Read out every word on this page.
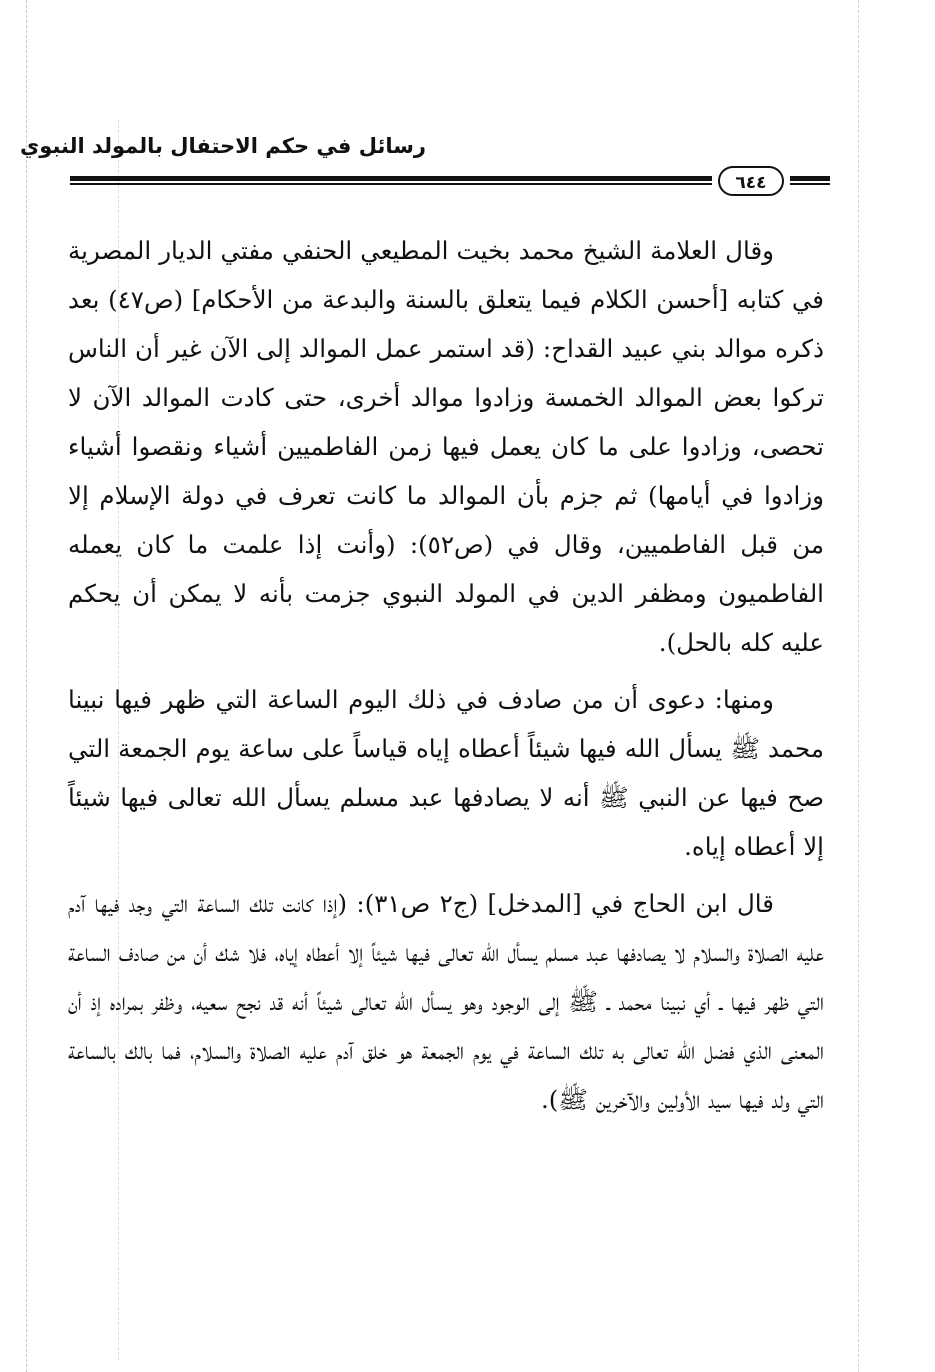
رسائل في حكم الاحتفال بالمولد النبوي
٦٤٤

وقال العلامة الشيخ محمد بخيت المطيعي الحنفي مفتي الديار المصرية في كتابه [أحسن الكلام فيما يتعلق بالسنة والبدعة من الأحكام] (ص٤٧) بعد ذكره موالد بني عبيد القداح: (قد استمر عمل الموالد إلى الآن غير أن الناس تركوا بعض الموالد الخمسة وزادوا موالد أخرى، حتى كادت الموالد الآن لا تحصى، وزادوا على ما كان يعمل فيها زمن الفاطميين أشياء ونقصوا أشياء وزادوا في أيامها) ثم جزم بأن الموالد ما كانت تعرف في دولة الإسلام إلا من قبل الفاطميين، وقال في (ص٥٢): (وأنت إذا علمت ما كان يعمله الفاطميون ومظفر الدين في المولد النبوي جزمت بأنه لا يمكن أن يحكم عليه كله بالحل).

ومنها: دعوى أن من صادف في ذلك اليوم الساعة التي ظهر فيها نبينا محمد ﷺ يسأل الله فيها شيئاً أعطاه إياه قياساً على ساعة يوم الجمعة التي صح فيها عن النبي ﷺ أنه لا يصادفها عبد مسلم يسأل الله تعالى فيها شيئاً إلا أعطاه إياه.

قال ابن الحاج في [المدخل] (ج٢ ص٣١): (إذا كانت تلك الساعة التي وجد فيها آدم عليه الصلاة والسلام لا يصادفها عبد مسلم يسأل الله تعالى فيها شيئاً إلا أعطاه إياه، فلا شك أن من صادف الساعة التي ظهر فيها ـ أي نبينا محمد ـ ﷺ إلى الوجود وهو يسأل الله تعالى شيئاً أنه قد نجح سعيه، وظفر بمراده إذ أن المعنى الذي فضل الله تعالى به تلك الساعة في يوم الجمعة هو خلق آدم عليه الصلاة والسلام، فما بالك بالساعة التي ولد فيها سيد الأولين والآخرين ﷺ).
